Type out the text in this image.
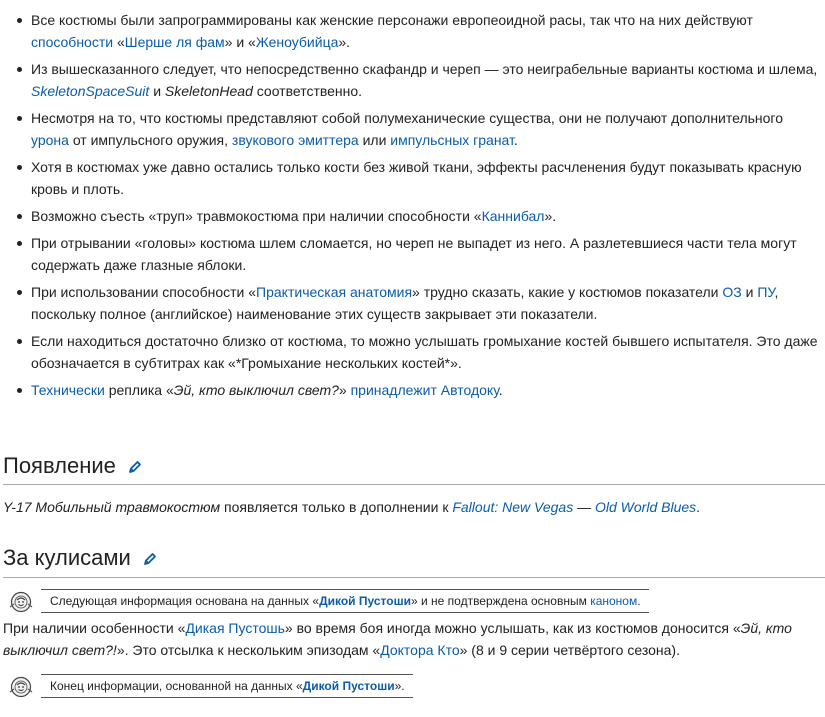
Все костюмы были запрограммированы как женские персонажи европеоидной расы, так что на них действуют способности «Шерше ля фам» и «Женоубийца».
Из вышесказанного следует, что непосредственно скафандр и череп — это неиграбельные варианты костюма и шлема, SkeletonSpaceSuit и SkeletonHead соответственно.
Несмотря на то, что костюмы представляют собой полумеханические существа, они не получают дополнительного урона от импульсного оружия, звукового эмиттера или импульсных гранат.
Хотя в костюмах уже давно остались только кости без живой ткани, эффекты расчленения будут показывать красную кровь и плоть.
Возможно съесть «труп» травмокостюма при наличии способности «Каннибал».
При отрывании «головы» костюма шлем сломается, но череп не выпадет из него. А разлетевшиеся части тела могут содержать даже глазные яблоки.
При использовании способности «Практическая анатомия» трудно сказать, какие у костюмов показатели ОЗ и ПУ, поскольку полное (английское) наименование этих существ закрывает эти показатели.
Если находиться достаточно близко от костюма, то можно услышать громыхание костей бывшего испытателя. Это даже обозначается в субтитрах как «*Громыхание нескольких костей*».
Технически реплика «Эй, кто выключил свет?» принадлежит Автодоку.
Появление

Y-17 Мобильный травмокостюм появляется только в дополнении к Fallout: New Vegas — Old World Blues.

За кулисами
Следующая информация основана на данных «Дикой Пустоши» и не подтверждена основным каноном.

При наличии особенности «Дикая Пустошь» во время боя иногда можно услышать, как из костюмов доносится «Эй, кто выключил свет?!». Это отсылка к нескольким эпизодам «Доктора Кто» (8 и 9 серии четвёртого сезона).

Конец информации, основанной на данных «Дикой Пустоши».
